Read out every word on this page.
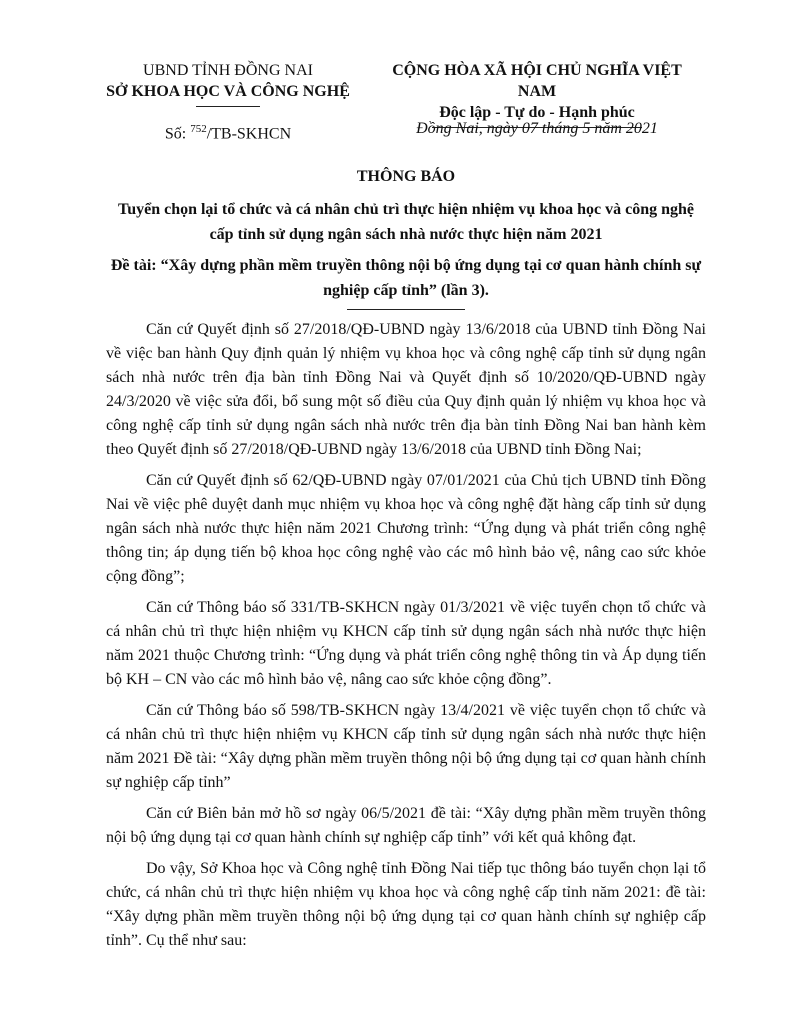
UBND TỈNH ĐỒNG NAI
SỞ KHOA HỌC VÀ CÔNG NGHỆ
CỘNG HÒA XÃ HỘI CHỦ NGHĨA VIỆT NAM
Độc lập - Tự do - Hạnh phúc
Số: $^{752}$/TB-SKHCN	Đồng Nai, ngày 07 tháng 5 năm 2021
THÔNG BÁO
Tuyển chọn lại tổ chức và cá nhân chủ trì thực hiện nhiệm vụ khoa học và công nghệ cấp tỉnh sử dụng ngân sách nhà nước thực hiện năm 2021
Đề tài: “Xây dựng phần mềm truyền thông nội bộ ứng dụng tại cơ quan hành chính sự nghiệp cấp tỉnh” (lần 3).

Căn cứ Quyết định số 27/2018/QĐ-UBND ngày 13/6/2018 của UBND tỉnh Đồng Nai về việc ban hành Quy định quản lý nhiệm vụ khoa học và công nghệ cấp tỉnh sử dụng ngân sách nhà nước trên địa bàn tỉnh Đồng Nai và Quyết định số 10/2020/QĐ-UBND ngày 24/3/2020 về việc sửa đổi, bổ sung một số điều của Quy định quản lý nhiệm vụ khoa học và công nghệ cấp tỉnh sử dụng ngân sách nhà nước trên địa bàn tỉnh Đồng Nai ban hành kèm theo Quyết định số 27/2018/QĐ-UBND ngày 13/6/2018 của UBND tỉnh Đồng Nai;

Căn cứ Quyết định số 62/QĐ-UBND ngày 07/01/2021 của Chủ tịch UBND tỉnh Đồng Nai về việc phê duyệt danh mục nhiệm vụ khoa học và công nghệ đặt hàng cấp tỉnh sử dụng ngân sách nhà nước thực hiện năm 2021 Chương trình: “Ứng dụng và phát triển công nghệ thông tin; áp dụng tiến bộ khoa học công nghệ vào các mô hình bảo vệ, nâng cao sức khỏe cộng đồng”;

Căn cứ Thông báo số 331/TB-SKHCN ngày 01/3/2021 về việc tuyển chọn tổ chức và cá nhân chủ trì thực hiện nhiệm vụ KHCN cấp tỉnh sử dụng ngân sách nhà nước thực hiện năm 2021 thuộc Chương trình: “Ứng dụng và phát triển công nghệ thông tin và Áp dụng tiến bộ KH – CN vào các mô hình bảo vệ, nâng cao sức khỏe cộng đồng”.

Căn cứ Thông báo số 598/TB-SKHCN ngày 13/4/2021 về việc tuyển chọn tổ chức và cá nhân chủ trì thực hiện nhiệm vụ KHCN cấp tỉnh sử dụng ngân sách nhà nước thực hiện năm 2021 Đề tài: “Xây dựng phần mềm truyền thông nội bộ ứng dụng tại cơ quan hành chính sự nghiệp cấp tỉnh”

Căn cứ Biên bản mở hồ sơ ngày 06/5/2021 đề tài: “Xây dựng phần mềm truyền thông nội bộ ứng dụng tại cơ quan hành chính sự nghiệp cấp tỉnh” với kết quả không đạt.

Do vậy, Sở Khoa học và Công nghệ tỉnh Đồng Nai tiếp tục thông báo tuyển chọn lại tổ chức, cá nhân chủ trì thực hiện nhiệm vụ khoa học và công nghệ cấp tỉnh năm 2021: đề tài: “Xây dựng phần mềm truyền thông nội bộ ứng dụng tại cơ quan hành chính sự nghiệp cấp tỉnh”. Cụ thể như sau:
